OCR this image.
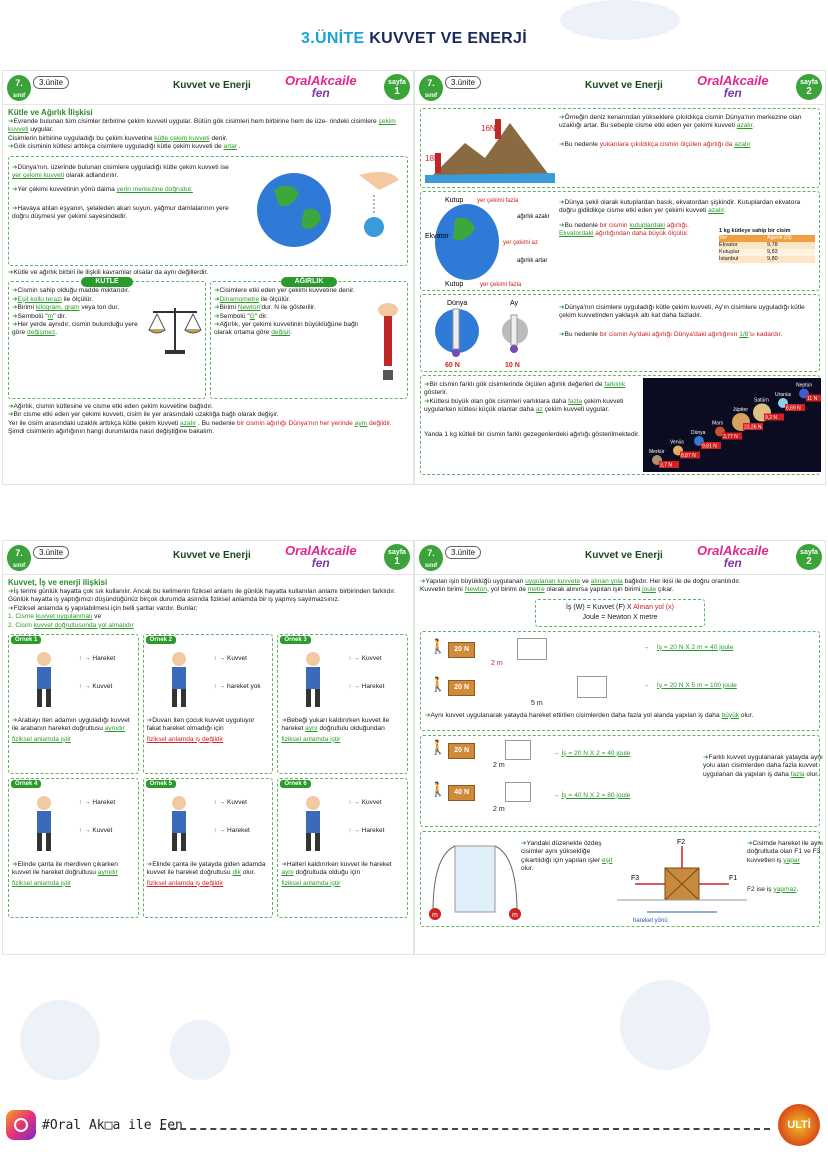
3.ÜNİTE KUVVET VE ENERJİ
7.
sınıf
3.ünite	Kuvvet ve Enerji	OralAkcaile
fen
sayfa
1
Kütle ve Ağırlık İlişkisi
➜Evrende bulunan tüm cisimler birbirine çekim kuvveti uygular. Bütün gök cisimleri hem birbirine hem de üze- rindeki cisimlere çekim kuvveti uygular.
Cisimlerin birbirine uyguladığı bu çekim kuvvetine kütle çekim kuvveti denir.
➜Gök cisminin kütlesi arttıkça cisimlere uyguladığı kütle çekim kuvveti de artar .
➜Dünya'nın, üzerinde bulunan cisimlere uyguladığı kütle çekim kuvveti ise yer çekimi kuvveti olarak adlandırılır.
➜Yer çekimi kuvvetinin yönü daima yerin merkezine doğrudur.
➜Havaya atılan eşyanın, şelaleden akan suyun, yağmur damlalarının yere doğru düşmesi yer çekimi sayesindedir.
➜Kütle ve ağırlık birbiri ile ilişkili kavramlar olsalar da aynı değillerdir.
KÜTLE
➜Cismin sahip olduğu madde miktarıdır.
➜Eşit kollu terazi ile ölçülür.
➜Birimi kilogram, gram veya ton dur.
➜Sembolü "m" dir.
➜Her yerde aynıdır, cismin bulunduğu yere göre değişmez.
AĞIRLIK
➜Cisimlere etki eden yer çekimi kuvvetine denir.
➜Dinamometre ile ölçülür.
➜Birimi Newton'dur. N ile gösterilir.
➜Sembolü "G" dir.
➜Ağırlık, yer çekimi kuvvetinin büyüklüğüne bağlı olarak ortama göre değişir.
➜Ağırlık, cismin kütlesine ve cisme etki eden çekim kuvvetine bağlıdır.
➜Bir cisme etki eden yer çekimi kuvveti, cisim ile yer arasındaki uzaklığa bağlı olarak değişir.
Yer ile cisim arasındaki uzaklık arttıkça kütle çekim kuvveti azalır . Bu nedenle bir cismin ağırlığı Dünya'nın her yerinde aynı değildir.
Şimdi cisimlerin ağırlığının hangi durumlarda nasıl değiştiğine bakalım.
7.
sınıf
3.ünite	Kuvvet ve Enerji	OralAkcaile
fen
sayfa
2
16N
18N
➜Örneğin deniz kenarından yükseklere çıkıldıkça cismin Dünya'nın merkezine olan uzaklığı artar. Bu sebeple cisme etki eden yer çekimi kuvveti azalır.
➜Bu nedenle yukarılara çıkıldıkça cismin ölçülen ağırlığı da azalır
Kutup
Ekvator
Kutup
yer çekimi fazla
yer çekimi az
yer çekimi fazla
ağırlık azalır
ağırlık artar
➜Dünya şekil olarak kutuplardan basık, ekvatordan şişkindir. Kutuplardan ekvatora doğru gidildikçe cisme etki eden yer çekimi kuvveti azalır.
➜Bu nedenle bir cismin kutuplardaki ağırlığı, Ekvatordaki ağırlığından daha büyük ölçülür.	1 kg kütleye sahip bir cisim
Yer	Ağırlık (N)
Ekvator	9,78
Kutuplar	9,83
İstanbul	9,80
Dünya	Ay
60 N	10 N
➜Dünya'nın cisimlere uyguladığı kütle çekim kuvveti, Ay'ın cisimlere uyguladığı kütle çekim kuvvetinden yaklaşık altı kat daha fazladır.
➜Bu nedenle bir cismin Ay'daki ağırlığı Dünya'daki ağırlığının 1/6'sı kadardır.
➜Bir cismin farklı gök cisimlerinde ölçülen ağırlık değerleri de farklılık gösterir.
➜Kütlesi büyük olan gök cisimleri varlıklara daha fazla çekim kuvveti uygularken kütlesi küçük olanlar daha az çekim kuvveti uygular.
Yanda 1 kg kütleli bir cismin farklı gezegenlerdeki ağırlığı gösterilmektedir.
Merkür
3,7 N
Venüs
8,87 N
Dünya
9,81 N
Mars
3,77 N
Jüpiter
23,26 N
Satürn
9,2 N
Uranüs
8,69 N
Neptün
11 N
7.
sınıf
3.ünite	Kuvvet ve Enerji	OralAkcaile
fen
sayfa
1
Kuvvet, İş ve enerji ilişkisi
➜İş terimi günlük hayatta çok sık kullanılır. Ancak bu kelimenin fiziksel anlamı ile günlük hayatta kullanılan anlamı birbirinden farklıdır. Günlük hayatta iş yaptığımızı düşündüğünüz birçok durumda aslında fiziksel anlamda bir iş yapmış sayılmazsınız.
➜Fiziksel anlamda iş yapılabilmesi için belli şartlar vardır. Bunlar;
1. Cisme kuvvet uygulanmalı ve
2. Cisim kuvvet doğrultusunda yol almalıdır
Örnek 1
↑ → Hareket
↑ → Kuvvet
➜Arabayı iten adamın uyguladığı kuvvet ile arabanın hareket doğrultusu aynıdır
fiziksel anlamda iştir
Örnek 2
↑ → Kuvvet
↑ → hareket yok
➜Duvarı iten çocuk kuvvet uyguluyor fakat hareket olmadığı için
fiziksel anlamda iş değildir
Örnek 3
↑ → Kuvvet
↑ → Hareket
➜Bebeği yukarı kaldırırken kuvvet ile hareket aynı doğrultulu olduğundan
fiziksel anlamda iştir
Örnek 4
↑ → Hareket
↑ → Kuvvet
➜Elinde çanta ile merdiven çıkarken kuvvet ile hareket doğrultusu aynıdır
fiziksel anlamda iştir
Örnek 5
↑ → Kuvvet
↑ → Hareket
➜Elinde çanta ile yatayda giden adamda kuvvet ile hareket doğrultusu dik olur.
fiziksel anlamda iş değildir
Örnek 6
↑ → Kuvvet
↑ → Hareket
➜Halteri kaldırırken kuvvet ile hareket aynı doğrultuda olduğu için
fiziksel anlamda iştir
7.
sınıf
3.ünite	Kuvvet ve Enerji	OralAkcaile
fen
sayfa
2
➜Yapılan işin büyüklüğü uygulanan uygulanan kuvvete ve alınan yola bağlıdır. Her ikisi ile de doğru orantılıdır.
Kuvvetin birimi Newton, yol birimi de metre olarak alınırsa yapılan işin birimi joule çıkar.
İş (W) = Kuvvet (F) X Alınan yol (x)
Joule = Newton X metre
🚶 20 N
2 m
🚶 20 N
5 m
→    İş = 20 N X 2 m = 40 joule
→    İş = 20 N X 5 m = 100 joule
➜Aynı kuvvet uygulanarak yatayda hareket ettirilen cisimlerden daha fazla yol alanda yapılan iş daha büyük olur.
🚶 20 N
2 m
🚶 40 N
2 m
→ İş = 20 N X 2 = 40 joule
→ İş = 40 N X 2 = 80 joule
➜Farklı kuvvet uygulanarak yatayda aynı yolu alan cisimlerden daha fazla kuvvet uygulanan da yapılan iş daha fazla olur.
m	m
➜Yandaki düzenekte özdeş cisimler aynı yüksekliğe çıkartıldığı için yapılan işler eşit olur.
F2
F1
F3
hareket yönü
➜Cisimde hareket ile aynı doğrultuda olan F1 ve F3 kuvvetleri iş yapar
F2 ise iş yapmaz.
#Oral Ak□a ile Fen	ULTİ
